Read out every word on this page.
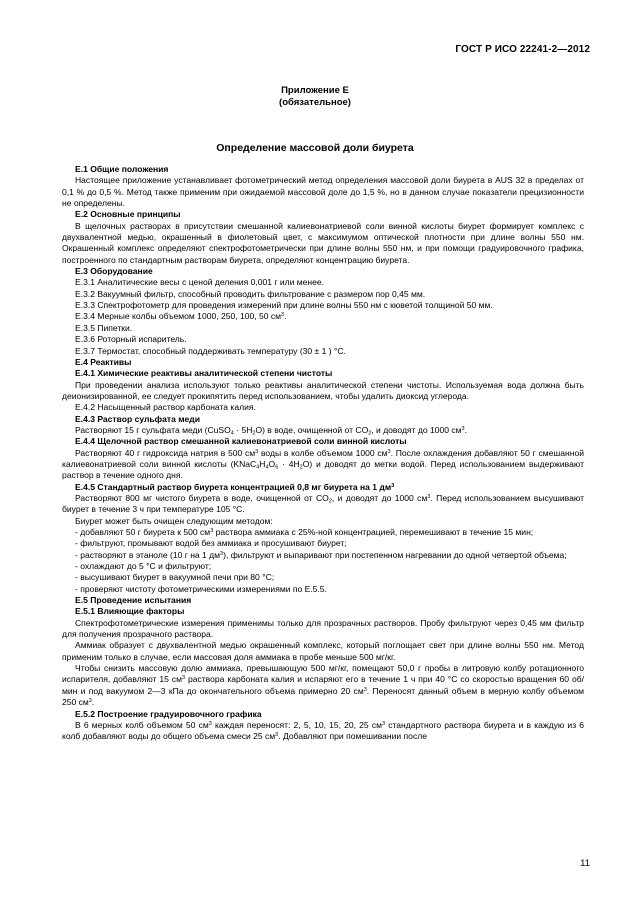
ГОСТ Р ИСО 22241-2—2012
Приложение Е
(обязательное)
Определение массовой доли биурета

Е.1 Общие положения

Настоящее приложение устанавливает фотометрический метод определения массовой доли биурета в AUS 32 в пределах от 0,1 % до 0,5 %. Метод также применим при ожидаемой массовой доле до 1,5 %, но в данном случае показатели прецизионности не определены.

Е.2 Основные принципы

В щелочных растворах в присутствии смешанной калиевонатриевой соли винной кислоты биурет формирует комплекс с двухвалентной медью, окрашенный в фиолетовый цвет, с максимумом оптической плотности при длине волны 550 нм. Окрашенный комплекс определяют спектрофотометрически при длине волны 550 нм, и при помощи градуировочного графика, построенного по стандартным растворам биурета, определяют концентрацию биурета.

Е.3 Оборудование

Е.3.1 Аналитические весы с ценой деления 0,001 г или менее.

Е.3.2 Вакуумный фильтр, способный проводить фильтрование с размером пор 0,45 мм.

Е.3.3 Спектрофотометр для проведения измерений при длине волны 550 нм с кюветой толщиной 50 мм.

Е.3.4 Мерные колбы объемом 1000, 250, 100, 50 $см^3$.

Е.3.5 Пипетки.

Е.3.6 Роторный испаритель.

Е.3.7 Термостат, способный поддерживать температуру (30 ± 1 ) °С.

Е.4 Реактивы

Е.4.1 Химические реактивы аналитической степени чистоты

При проведении анализа используют только реактивы аналитической степени чистоты. Используемая вода должна быть деионизированной, ее следует прокипятить перед использованием, чтобы удалить диоксид углерода.

Е.4.2 Насыщенный раствор карбоната калия.

Е.4.3 Раствор сульфата меди

Растворяют 15 г сульфата меди (CuSO$_4$ · $5H_2O$) в воде, очищенной от $CO_2$, и доводят до 1000 $см^3$.

Е.4.4 Щелочной раствор смешанной калиевонатриевой соли винной кислоты

Растворяют 40 г гидроксида натрия в 500 $см^3$ воды в колбе объемом 1000 $см^3$. После охлаждения добавляют 50 г смешанной калиевонатриевой соли винной кислоты $(KNaC_4H_4O_6 \cdot 4H_2O)$ и доводят до метки водой. Перед использованием выдерживают раствор в течение одного дня.

Е.4.5 Стандартный раствор биурета концентрацией 0,8 мг биурета на 1 $дм^3$

Растворяют 800 мг чистого биурета в воде, очищенной от $CO_2$, и доводят до 1000 $см^3$. Перед использованием высушивают биурет в течение 3 ч при температуре 105 °С.

Биурет может быть очищен следующим методом:

- добавляют 50 г биурета к 500 $см^3$ раствора аммиака с 25%-ной концентрацией, перемешивают в течение 15 мин;

- фильтруют, промывают водой без аммиака и просушивают биурет;

- растворяют в этаноле (10 г на 1 $дм^3$), фильтруют и выпаривают при постепенном нагревании до одной четвертой объема;

- охлаждают до 5 °С и фильтруют;

- высушивают биурет в вакуумной печи при 80 °С;

- проверяют чистоту фотометрическими измерениями по Е.5.5.

Е.5 Проведение испытания

Е.5.1 Влияющие факторы

Спектрофотометрические измерения применимы только для прозрачных растворов. Пробу фильтруют через 0,45 мм фильтр для получения прозрачного раствора.

Аммиак образует с двухвалентной медью окрашенный комплекс, который поглощает свет при длине волны 550 нм. Метод применим только в случае, если массовая доля аммиака в пробе меньше 500 мг/кг.

Чтобы снизить массовую долю аммиака, превышающую 500 мг/кг, помещают 50,0 г пробы в литровую колбу ротационного испарителя, добавляют 15 $см^3$ раствора карбоната калия и испаряют его в течение 1 ч при 40 °С со скоростью вращения 60 об/мин и под вакуумом 2—3 кПа до окончательного объема примерно 20 $см^3$. Переносят данный объем в мерную колбу объемом 250 $см^3$.

Е.5.2 Построение градуировочного графика

В 6 мерных колб объемом 50 $см^3$ каждая переносят: 2, 5, 10, 15, 20, 25 $см^3$ стандартного раствора биурета и в каждую из 6 колб добавляют воды до общего объема смеси 25 $см^3$. Добавляют при помешивании после

11
